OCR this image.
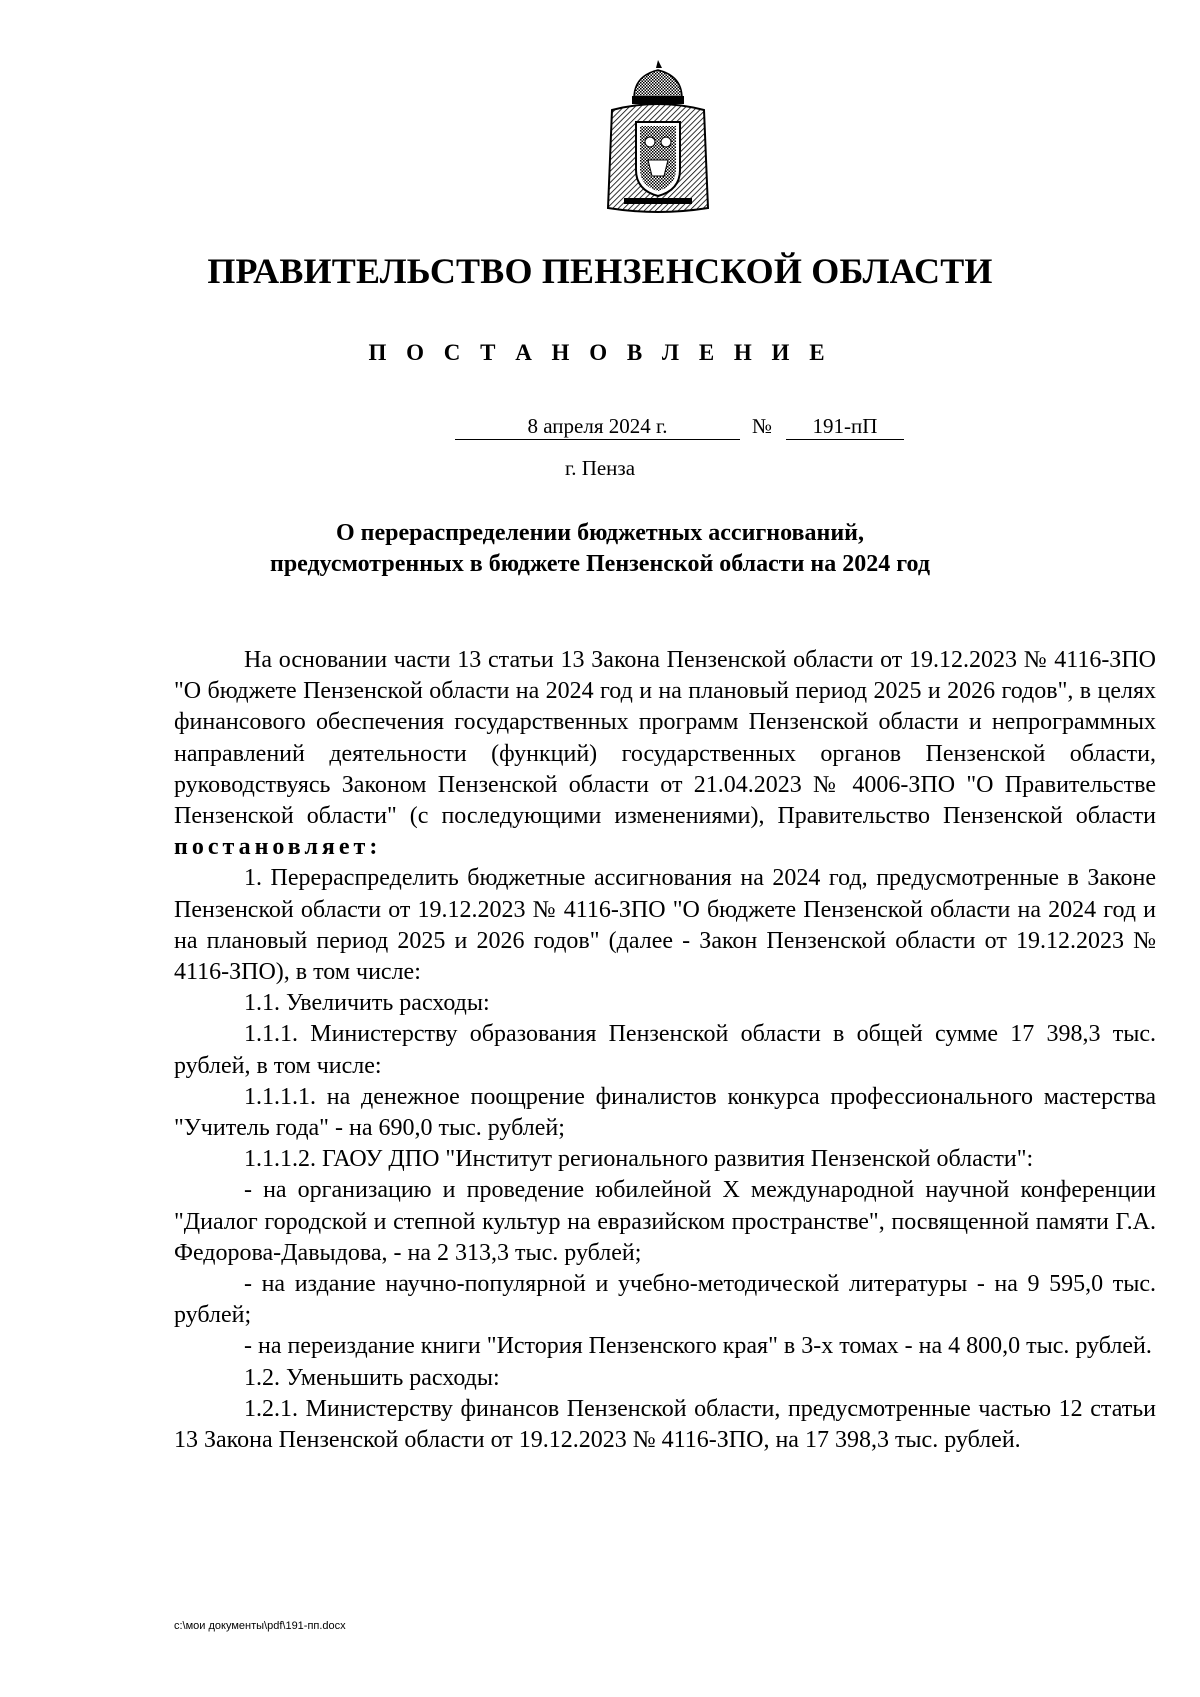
ПРАВИТЕЛЬСТВО ПЕНЗЕНСКОЙ ОБЛАСТИ
П О С Т А Н О В Л Е Н И Е
8 апреля 2024 г.	№	191-пП
г. Пенза
О перераспределении бюджетных ассигнований,
предусмотренных в бюджете Пензенской области на 2024 год

На основании части 13 статьи 13 Закона Пензенской области от 19.12.2023 № 4116-ЗПО "О бюджете Пензенской области на 2024 год и на плановый период 2025 и 2026 годов", в целях финансового обеспечения государственных программ Пензенской области и непрограммных направлений деятельности (функций) государственных органов Пензенской области, руководствуясь Законом Пензенской области от 21.04.2023 № 4006-ЗПО "О Правительстве Пензенской области" (с последующими изменениями), Правительство Пензенской области постановляет:

1. Перераспределить бюджетные ассигнования на 2024 год, предусмотренные в Законе Пензенской области от 19.12.2023 № 4116-ЗПО "О бюджете Пензенской области на 2024 год и на плановый период 2025 и 2026 годов" (далее - Закон Пензенской области от 19.12.2023 № 4116-ЗПО), в том числе:

1.1. Увеличить расходы:

1.1.1. Министерству образования Пензенской области в общей сумме 17 398,3 тыс. рублей, в том числе:

1.1.1.1. на денежное поощрение финалистов конкурса профессионального мастерства "Учитель года" - на 690,0 тыс. рублей;

1.1.1.2. ГАОУ ДПО "Институт регионального развития Пензенской области":

- на организацию и проведение юбилейной X международной научной конференции "Диалог городской и степной культур на евразийском пространстве", посвященной памяти Г.А. Федорова-Давыдова, - на 2 313,3 тыс. рублей;

- на издание научно-популярной и учебно-методической литературы - на 9 595,0 тыс. рублей;

- на переиздание книги "История Пензенского края" в 3-х томах - на 4 800,0 тыс. рублей.

1.2. Уменьшить расходы:

1.2.1. Министерству финансов Пензенской области, предусмотренные частью 12 статьи 13 Закона Пензенской области от 19.12.2023 № 4116-ЗПО, на 17 398,3 тыс. рублей.

c:\мои документы\pdf\191-пп.docx
